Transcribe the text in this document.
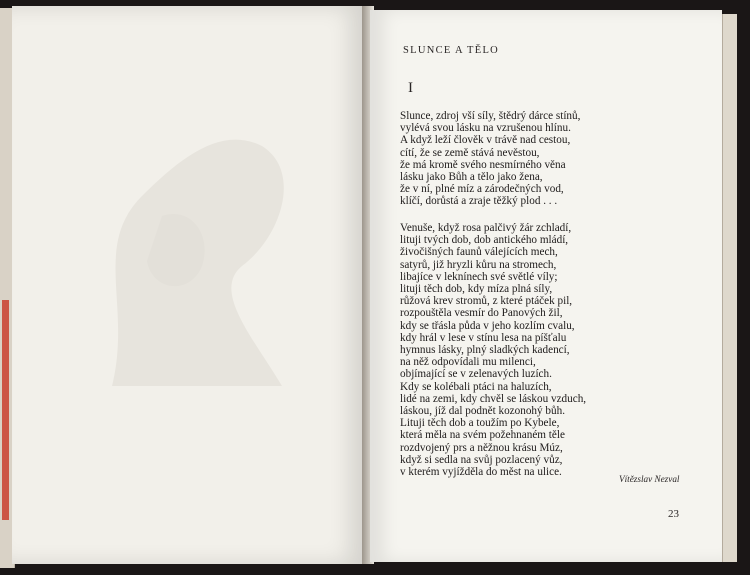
SLUNCE A TĚLO
I
Slunce, zdroj vší síly, štědrý dárce stínů,
vylévá svou lásku na vzrušenou hlínu.
A když leží člověk v trávě nad cestou,
cítí, že se země stává nevěstou,
že má kromě svého nesmírného věna
lásku jako Bůh a tělo jako žena,
že v ní, plné míz a zárodečných vod,
klíčí, dorůstá a zraje těžký plod . . .
Venuše, když rosa palčivý žár zchladí,
lituji tvých dob, dob antického mládí,
živočišných faunů válejících mech,
satyrů, již hryzli kůru na stromech,
libajíce v leknínech své světlé víly;
lituji těch dob, kdy míza plná síly,
růžová krev stromů, z které ptáček pil,
rozpouštěla vesmír do Panových žil,
kdy se třásla půda v jeho kozlím cvalu,
kdy hrál v lese v stínu lesa na píšťalu
hymnus lásky, plný sladkých kadencí,
na něž odpovídali mu milenci,
objímající se v zelenavých luzích.
Kdy se kolébali ptáci na haluzích,
lidé na zemi, kdy chvěl se láskou vzduch,
láskou, jíž dal podnět kozonohý bůh.
Lituji těch dob a toužím po Kybele,
která měla na svém požehnaném těle
rozdvojený prs a něžnou krásu Múz,
když si sedla na svůj pozlacený vůz,
v kterém vyjížděla do měst na ulice.
Vítězslav Nezval
23
